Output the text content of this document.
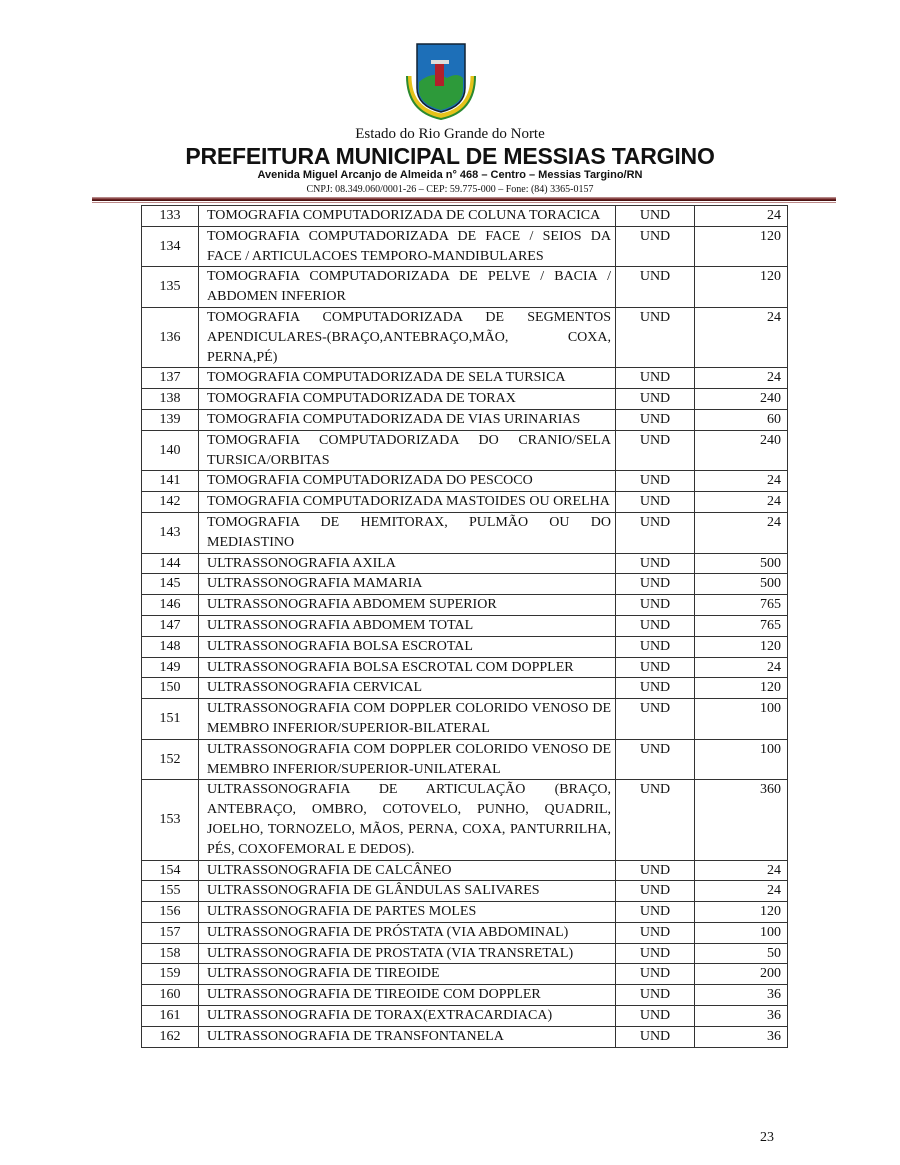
Estado do Rio Grande do Norte
PREFEITURA MUNICIPAL DE MESSIAS TARGINO
Avenida Miguel Arcanjo de Almeida n° 468 – Centro – Messias Targino/RN
CNPJ: 08.349.060/0001-26 – CEP: 59.775-000 – Fone: (84) 3365-0157
133	TOMOGRAFIA COMPUTADORIZADA DE COLUNA TORACICA	UND	24
134	TOMOGRAFIA COMPUTADORIZADA DE FACE / SEIOS DA FACE / ARTICULACOES TEMPORO-MANDIBULARES	UND	120
135	TOMOGRAFIA COMPUTADORIZADA DE PELVE / BACIA / ABDOMEN INFERIOR	UND	120
136	TOMOGRAFIA COMPUTADORIZADA DE SEGMENTOS APENDICULARES-(BRAÇO,ANTEBRAÇO,MÃO, COXA, PERNA,PÉ)	UND	24
137	TOMOGRAFIA COMPUTADORIZADA DE SELA TURSICA	UND	24
138	TOMOGRAFIA COMPUTADORIZADA DE TORAX	UND	240
139	TOMOGRAFIA COMPUTADORIZADA DE VIAS URINARIAS	UND	60
140	TOMOGRAFIA COMPUTADORIZADA DO CRANIO/SELA TURSICA/ORBITAS	UND	240
141	TOMOGRAFIA COMPUTADORIZADA DO PESCOCO	UND	24
142	TOMOGRAFIA COMPUTADORIZADA MASTOIDES OU ORELHA	UND	24
143	TOMOGRAFIA DE HEMITORAX, PULMÃO OU DO MEDIASTINO	UND	24
144	ULTRASSONOGRAFIA AXILA	UND	500
145	ULTRASSONOGRAFIA MAMARIA	UND	500
146	ULTRASSONOGRAFIA ABDOMEM SUPERIOR	UND	765
147	ULTRASSONOGRAFIA ABDOMEM TOTAL	UND	765
148	ULTRASSONOGRAFIA BOLSA ESCROTAL	UND	120
149	ULTRASSONOGRAFIA BOLSA ESCROTAL COM DOPPLER	UND	24
150	ULTRASSONOGRAFIA CERVICAL	UND	120
151	ULTRASSONOGRAFIA COM DOPPLER COLORIDO VENOSO DE MEMBRO INFERIOR/SUPERIOR-BILATERAL	UND	100
152	ULTRASSONOGRAFIA COM DOPPLER COLORIDO VENOSO DE MEMBRO INFERIOR/SUPERIOR-UNILATERAL	UND	100
153	ULTRASSONOGRAFIA DE ARTICULAÇÃO (BRAÇO, ANTEBRAÇO, OMBRO, COTOVELO, PUNHO, QUADRIL, JOELHO, TORNOZELO, MÃOS, PERNA, COXA, PANTURRILHA, PÉS, COXOFEMORAL E DEDOS).	UND	360
154	ULTRASSONOGRAFIA DE CALCÂNEO	UND	24
155	ULTRASSONOGRAFIA DE GLÂNDULAS SALIVARES	UND	24
156	ULTRASSONOGRAFIA DE PARTES MOLES	UND	120
157	ULTRASSONOGRAFIA DE PRÓSTATA (VIA ABDOMINAL)	UND	100
158	ULTRASSONOGRAFIA DE PROSTATA (VIA TRANSRETAL)	UND	50
159	ULTRASSONOGRAFIA DE TIREOIDE	UND	200
160	ULTRASSONOGRAFIA DE TIREOIDE COM DOPPLER	UND	36
161	ULTRASSONOGRAFIA DE TORAX(EXTRACARDIACA)	UND	36
162	ULTRASSONOGRAFIA DE TRANSFONTANELA	UND	36
23
